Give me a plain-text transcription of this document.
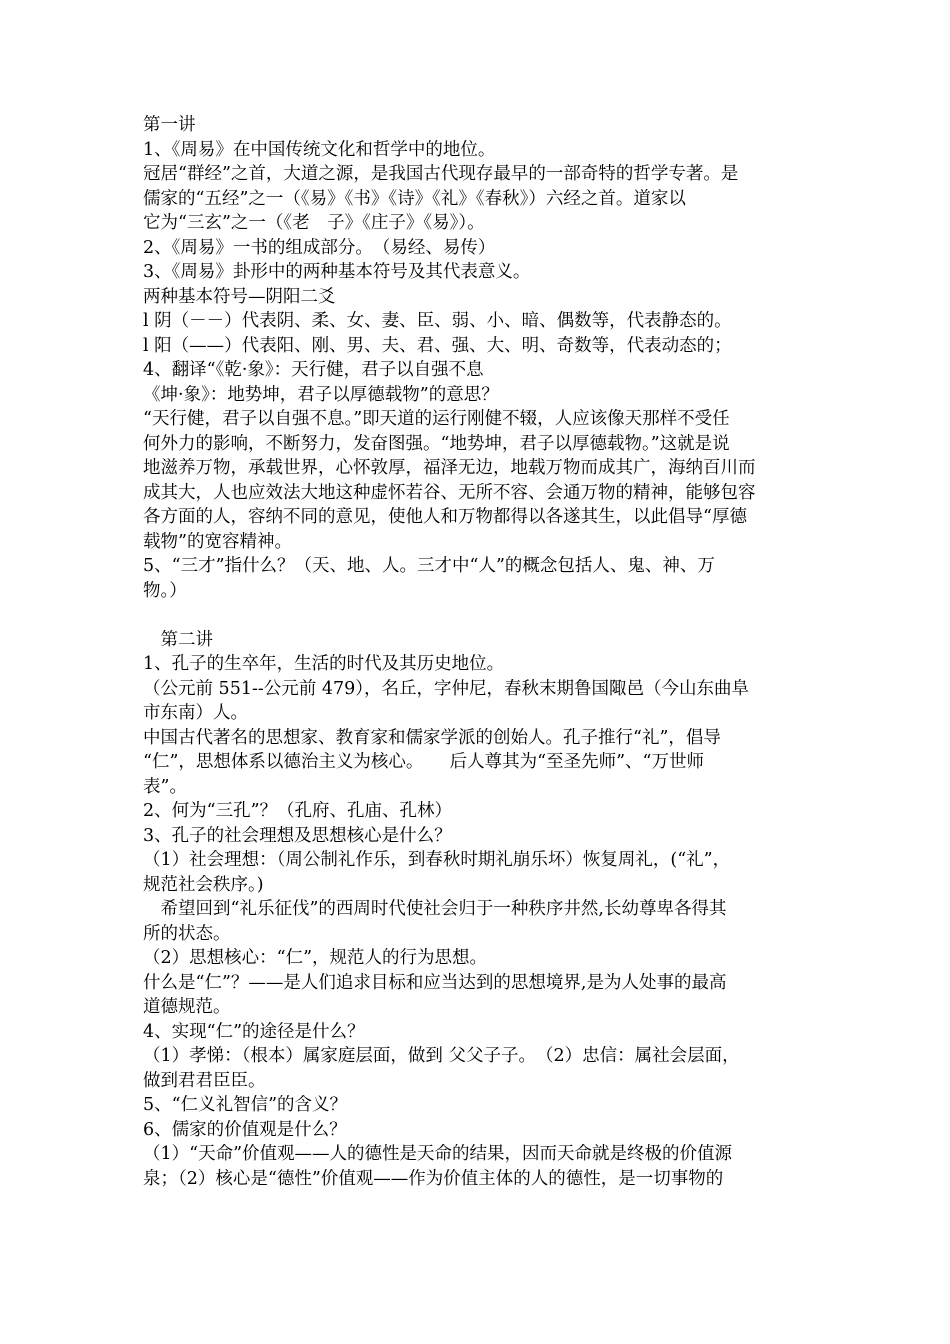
第一讲
1、《周易》在中国传统文化和哲学中的地位。
冠居“群经”之首，大道之源，是我国古代现存最早的一部奇特的哲学专著。是
儒家的“五经”之一（《易》《书》《诗》《礼》《春秋》）六经之首。道家以
它为“三玄”之一（《老　子》《庄子》《易》）。
2、《周易》一书的组成部分。　（易经、易传）
3、《周易》卦形中的两种基本符号及其代表意义。
两种基本符号—阴阳二爻
l 阴（－－）代表阴、柔、女、妻、臣、弱、小、暗、偶数等，代表静态的。
l 阳（——）代表阳、刚、男、夫、君、强、大、明、奇数等，代表动态的；
4、翻译“《乾·象》：天行健，君子以自强不息
《坤·象》：地势坤，君子以厚德载物”的意思？
“天行健，君子以自强不息。”即天道的运行刚健不辍，人应该像天那样不受任
何外力的影响，不断努力，发奋图强。“地势坤，君子以厚德载物。”这就是说
地滋养万物，承载世界，心怀敦厚，福泽无边，地载万物而成其广，海纳百川而
成其大，人也应效法大地这种虚怀若谷、无所不容、会通万物的精神，能够包容
各方面的人，容纳不同的意见，使他人和万物都得以各遂其生，以此倡导“厚德
载物”的宽容精神。
5、“三才”指什么？（天、地、人。三才中“人”的概念包括人、鬼、神、万
物。）
　第二讲
1、孔子的生卒年，生活的时代及其历史地位。
（公元前 551--公元前 479），名丘，字仲尼，春秋末期鲁国陬邑（今山东曲阜
市东南）人。
中国古代著名的思想家、教育家和儒家学派的创始人。孔子推行“礼”，倡导
“仁”，思想体系以德治主义为核心。　　后人尊其为“至圣先师”、“万世师
表”。
2、何为“三孔”？（孔府、孔庙、孔林）
3、孔子的社会理想及思想核心是什么？
（1）社会理想：（周公制礼作乐，到春秋时期礼崩乐坏）恢复周礼，(“礼”，
规范社会秩序。)
　希望回到“礼乐征伐”的西周时代使社会归于一种秩序井然,长幼尊卑各得其
所的状态。
（2）思想核心：“仁”，规范人的行为思想。
什么是“仁”？——是人们追求目标和应当达到的思想境界,是为人处事的最高
道德规范。
4、实现“仁”的途径是什么？
（1）孝悌：（根本）属家庭层面，做到 父父子子。　（2）忠信：属社会层面，
做到君君臣臣。
5、“仁义礼智信”的含义？
6、儒家的价值观是什么？
（1）“天命”价值观——人的德性是天命的结果，因而天命就是终极的价值源
泉；（2）核心是“德性”价值观——作为价值主体的人的德性，是一切事物的
